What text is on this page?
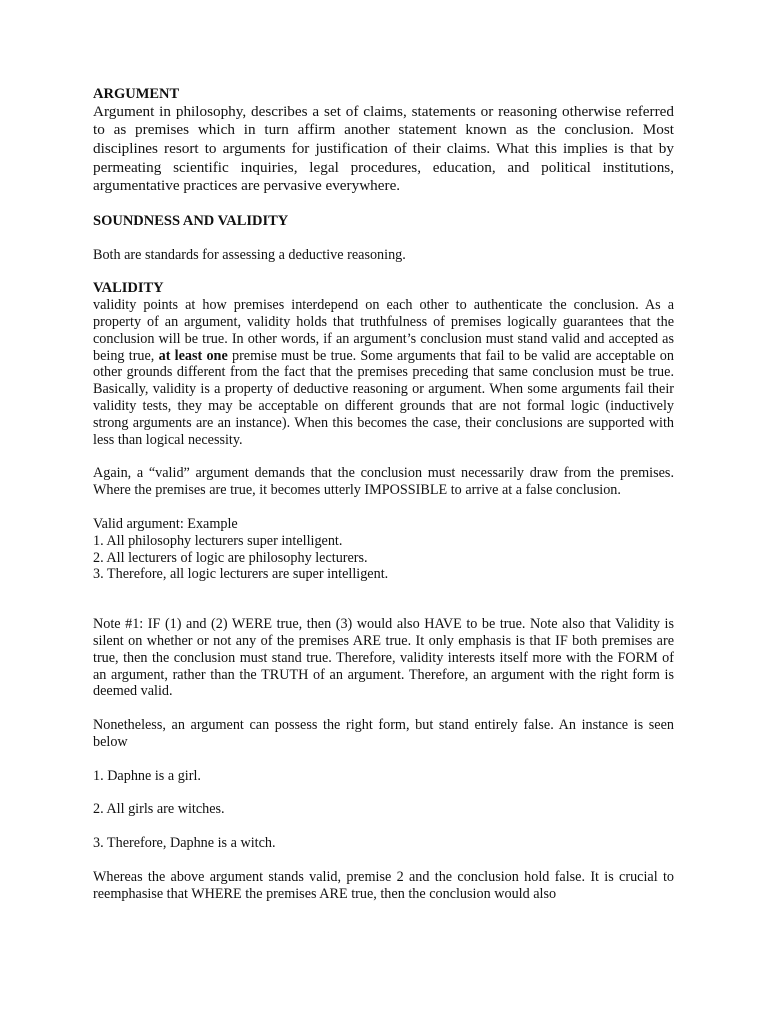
ARGUMENT

Argument in philosophy, describes a set of claims, statements or reasoning otherwise referred to as premises which in turn affirm another statement known as the conclusion. Most disciplines resort to arguments for justification of their claims. What this implies is that by permeating scientific inquiries, legal procedures, education, and political institutions, argumentative practices are pervasive everywhere.

SOUNDNESS AND VALIDITY

Both are standards for assessing a deductive reasoning.

VALIDITY

validity points at how premises interdepend on each other to authenticate the conclusion. As a property of an argument, validity holds that truthfulness of premises logically guarantees that the conclusion will be true. In other words, if an argument’s conclusion must stand valid and accepted as being true, at least one premise must be true. Some arguments that fail to be valid are acceptable on other grounds different from the fact that the premises preceding that same conclusion must be true. Basically, validity is a property of deductive reasoning or argument. When some arguments fail their validity tests, they may be acceptable on different grounds that are not formal logic (inductively strong arguments are an instance). When this becomes the case, their conclusions are supported with less than logical necessity.

Again, a “valid” argument demands that the conclusion must necessarily draw from the premises. Where the premises are true, it becomes utterly IMPOSSIBLE to arrive at a false conclusion.

Valid argument: Example

1. All philosophy lecturers super intelligent.

2. All lecturers of logic are philosophy lecturers.

3. Therefore, all logic lecturers are super intelligent.

Note #1: IF (1) and (2) WERE true, then (3) would also HAVE to be true. Note also that Validity is silent on whether or not any of the premises ARE true. It only emphasis is that IF both premises are true, then the conclusion must stand true. Therefore, validity interests itself more with the FORM of an argument, rather than the TRUTH of an argument. Therefore, an argument with the right form is deemed valid.

Nonetheless, an argument can possess the right form, but stand entirely false. An instance is seen below

1. Daphne is a girl.

2. All girls are witches.

3. Therefore, Daphne is a witch.

Whereas the above argument stands valid, premise 2 and the conclusion hold false. It is crucial to reemphasise that WHERE the premises ARE true, then the conclusion would also
